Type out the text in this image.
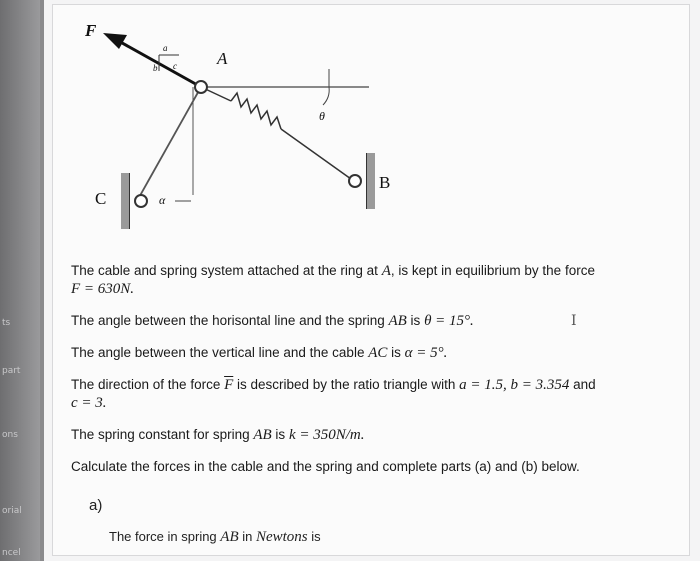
ts
part
ons
orial
ncel
F
A
B
C
θ
α
a
b c
The cable and spring system attached at the ring at A, is kept in equilibrium by the force
F = 630N.
The angle between the horisontal line and the spring AB is θ = 15°.	I
The angle between the vertical line and the cable AC is α = 5°.
The direction of the force $\overline{F}$ is described by the ratio triangle with a = 1.5, b = 3.354 and
c = 3.
The spring constant for spring AB is k = 350N/m.
Calculate the forces in the cable and the spring and complete parts (a) and (b) below.
a)
The force in spring AB in Newtons is
